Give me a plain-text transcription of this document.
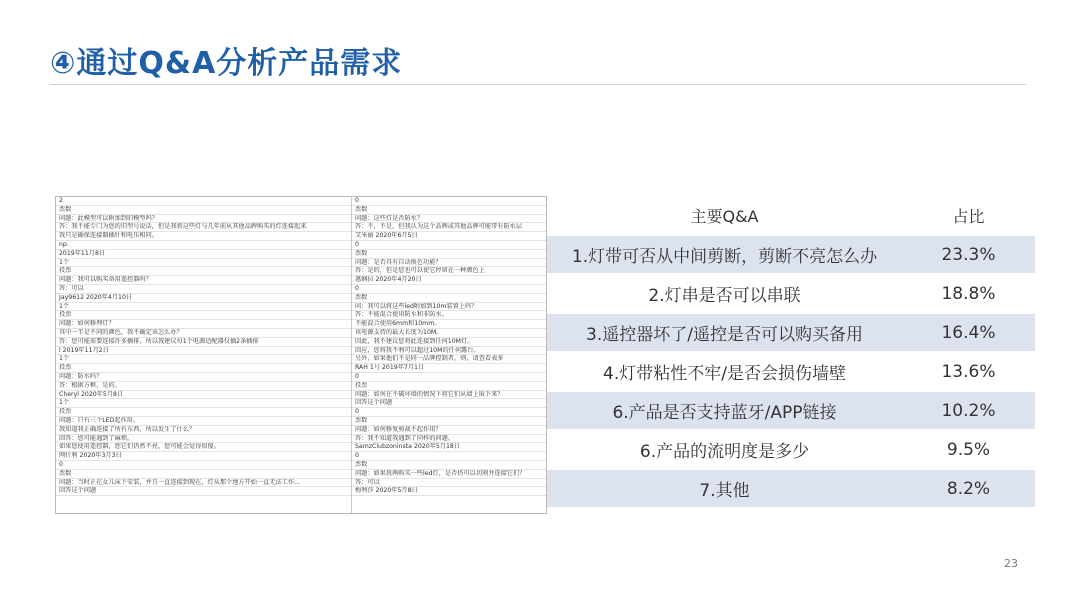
④通过Q&A分析产品需求
2
票数
问题：此模型可以附加到旧模型吗？
答：我不能专门为您的旧型号说话，但是我将这些灯与几年前从其他品牌购买的灯连接起来
我只是确保连接器插针和电压相同。
np.
2019年11月8日
1个
投票
问题：我可以购买备用遥控器吗？
答：可以
Jay9612 2020年4月10日
1个
投票
问题：如何修理灯？
其中一半是不同的颜色，我不确定该怎么办？
答：您可能需要连接许多插排，所以我建议每1个电源适配器仅插2条插排
l 2019年11月2日
1个
投票
问题：防水吗？
答：根据方框，是的。
Cheryl 2020年5月8日
1个
投票
问题：只有三个LED起作用。
我知道我正确连接了所有东西，所以发生了什么？
回答：您可能遇到了麻烦。
如果您使用遥控器，您它们仍然不亮，您可能会觉得很傻。
网什利 2020年3月3日
0
票数
问题：当时正在女儿床下安装，并且一直连接到现在，灯从那个地方开始一直无法工作...
回答这个问题
0
票数
问题：这些灯是否防水？
答：不，不是，但我认为这个品牌或其他品牌可能带有防水层
艾米丽 2020年6月5日
0
票数
问题：是否具有自动换色功能？
答：是的，但是您也可以使它停留在一种颜色上
惠娴拉 2020年4月20日
0
票数
问：我可以将这些led附加到10m装置上吗？
答：不能混合使用防水和非防水。
不能混合使用6mm和10mm。
该电源支持的最大长度为10M。
因此，我不建议您将此连接到任何10M灯。
回应，您将我不利可以超过10M的任何露台。
另外，如果他们不是同一品牌控制者，则，请查看表多
RAH 1号 2019年7月1日
0
投票
问题：如何在不破坏墙的情况下将它们从墙上取下来？
回答这个问题
0
票数
问题：如何修复剪裁不起作用？
答：我不知道我遇到了同样的问题。
SamzClubzoninsta 2020年5月18日
0
票数
问题：如果我两购买一些led灯，是否仍可以切割并连接它们？
答：可以
梅利莎 2020年5月8日
主要Q&A	占比
1.灯带可否从中间剪断，剪断不亮怎么办	23.3%
2.灯串是否可以串联	18.8%
3.遥控器坏了/遥控是否可以购买备用	16.4%
4.灯带粘性不牢/是否会损伤墙壁	13.6%
6.产品是否支持蓝牙/APP链接	10.2%
6.产品的流明度是多少	9.5%
7.其他	8.2%
23
